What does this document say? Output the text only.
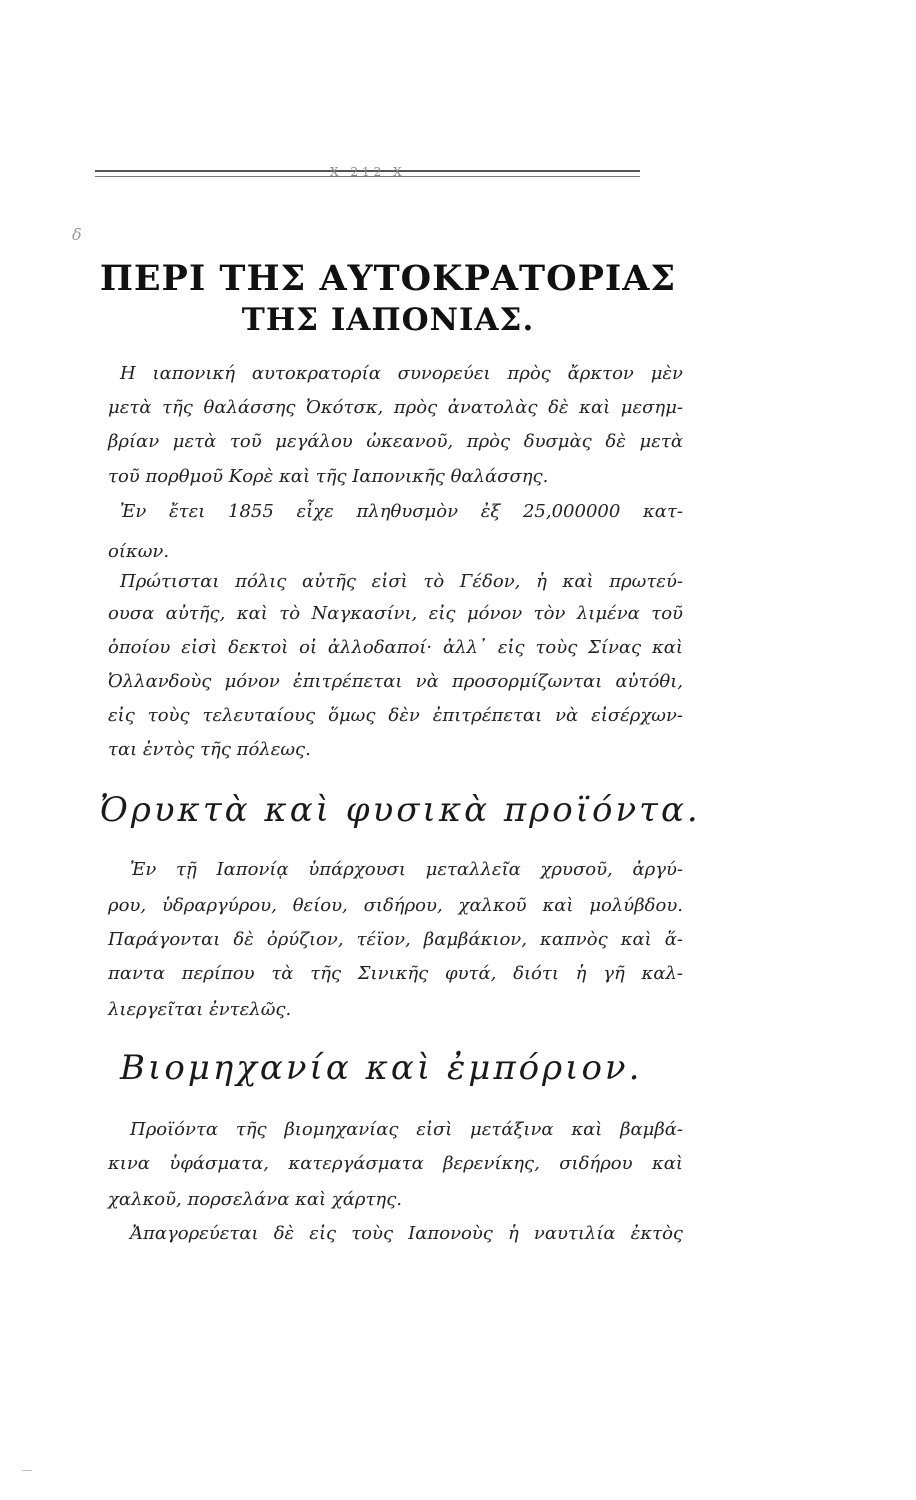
Χ 212 Χ
δ
ΠΕΡΙ ΤΗΣ ΑΥΤΟΚΡΑΤΟΡΙΑΣ
ΤΗΣ ΙΑΠΟΝΙΑΣ.
Η ιαπονική αυτοκρατορία συνορεύει πρὸς ἄρκτον μὲν
μετὰ τῆς θαλάσσης Ὀκότσκ, πρὸς ἀνατολὰς δὲ καὶ μεσημ-
βρίαν μετὰ τοῦ μεγάλου ὠκεανοῦ, πρὸς δυσμὰς δὲ μετὰ
τοῦ πορθμοῦ Κορὲ καὶ τῆς Ιαπονικῆς θαλάσσης.
Ἐν ἔτει 1855 εἶχε πληθυσμὸν ἐξ 25,000000 κατ-
οίκων.
Πρώτισται πόλις αὐτῆς εἰσὶ τὸ Γέδον, ἡ καὶ πρωτεύ-
ουσα αὐτῆς, καὶ τὸ Ναγκασίνι, εἰς μόνον τὸν λιμένα τοῦ
ὁποίου εἰσὶ δεκτοὶ οἱ ἀλλοδαποί· ἀλλ᾽ εἰς τοὺς Σίνας καὶ
Ὀλλανδοὺς μόνον ἐπιτρέπεται νὰ προσορμίζωνται αὐτόθι,
εἰς τοὺς τελευταίους ὅμως δὲν ἐπιτρέπεται νὰ εἰσέρχων-
ται ἐντὸς τῆς πόλεως.
Ὀρυκτὰ καὶ φυσικὰ προϊόντα.
Ἐν τῇ Ιαπονίᾳ ὑπάρχουσι μεταλλεῖα χρυσοῦ, ἀργύ-
ρου, ὑδραργύρου, θείου, σιδήρου, χαλκοῦ καὶ μολύβδου.
Παράγονται δὲ ὀρύζιον, τέϊον, βαμβάκιον, καπνὸς καὶ ἅ-
παντα περίπου τὰ τῆς Σινικῆς φυτά, διότι ἡ γῆ καλ-
λιεργεῖται ἐντελῶς.
Βιομηχανία καὶ ἐμπόριον.
Προϊόντα τῆς βιομηχανίας εἰσὶ μετάξινα καὶ βαμβά-
κινα ὑφάσματα, κατεργάσματα βερενίκης, σιδήρου καὶ
χαλκοῦ, πορσελάνα καὶ χάρτης.
Ἀπαγορεύεται δὲ εἰς τοὺς Ιαπονοὺς ἡ ναυτιλία ἐκτὸς
